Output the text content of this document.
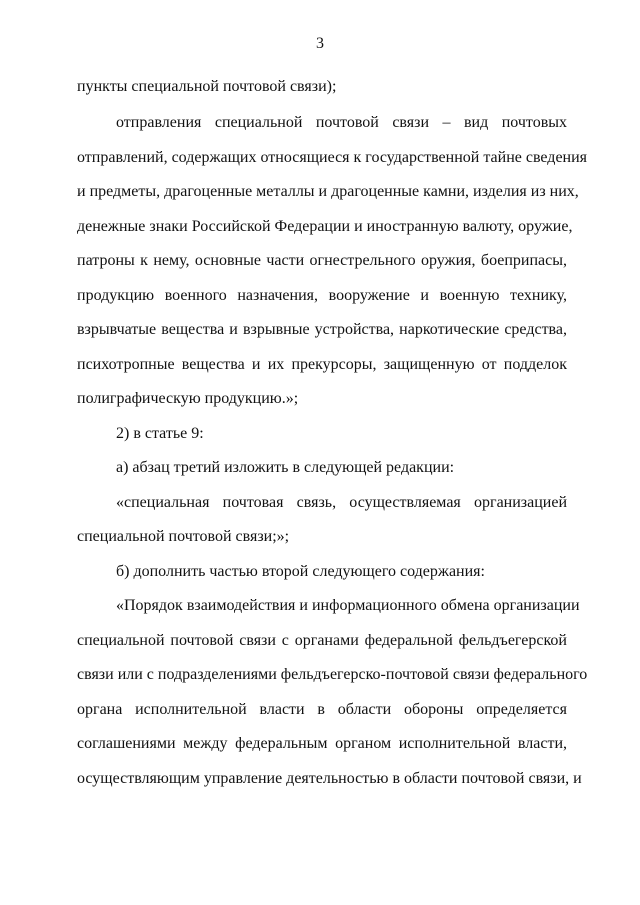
3
пункты специальной почтовой связи);
отправления специальной почтовой связи – вид почтовых
отправлений, содержащих относящиеся к государственной тайне сведения
и предметы, драгоценные металлы и драгоценные камни, изделия из них,
денежные знаки Российской Федерации и иностранную валюту, оружие,
патроны к нему, основные части огнестрельного оружия, боеприпасы,
продукцию военного назначения, вооружение и военную технику,
взрывчатые вещества и взрывные устройства, наркотические средства,
психотропные вещества и их прекурсоры, защищенную от подделок
полиграфическую продукцию.»;
2) в статье 9:
а) абзац третий изложить в следующей редакции:
«специальная почтовая связь, осуществляемая организацией
специальной почтовой связи;»;
б) дополнить частью второй следующего содержания:
«Порядок взаимодействия и информационного обмена организации
специальной почтовой связи с органами федеральной фельдъегерской
связи или с подразделениями фельдъегерско-почтовой связи федерального
органа исполнительной власти в области обороны определяется
соглашениями между федеральным органом исполнительной власти,
осуществляющим управление деятельностью в области почтовой связи, и
